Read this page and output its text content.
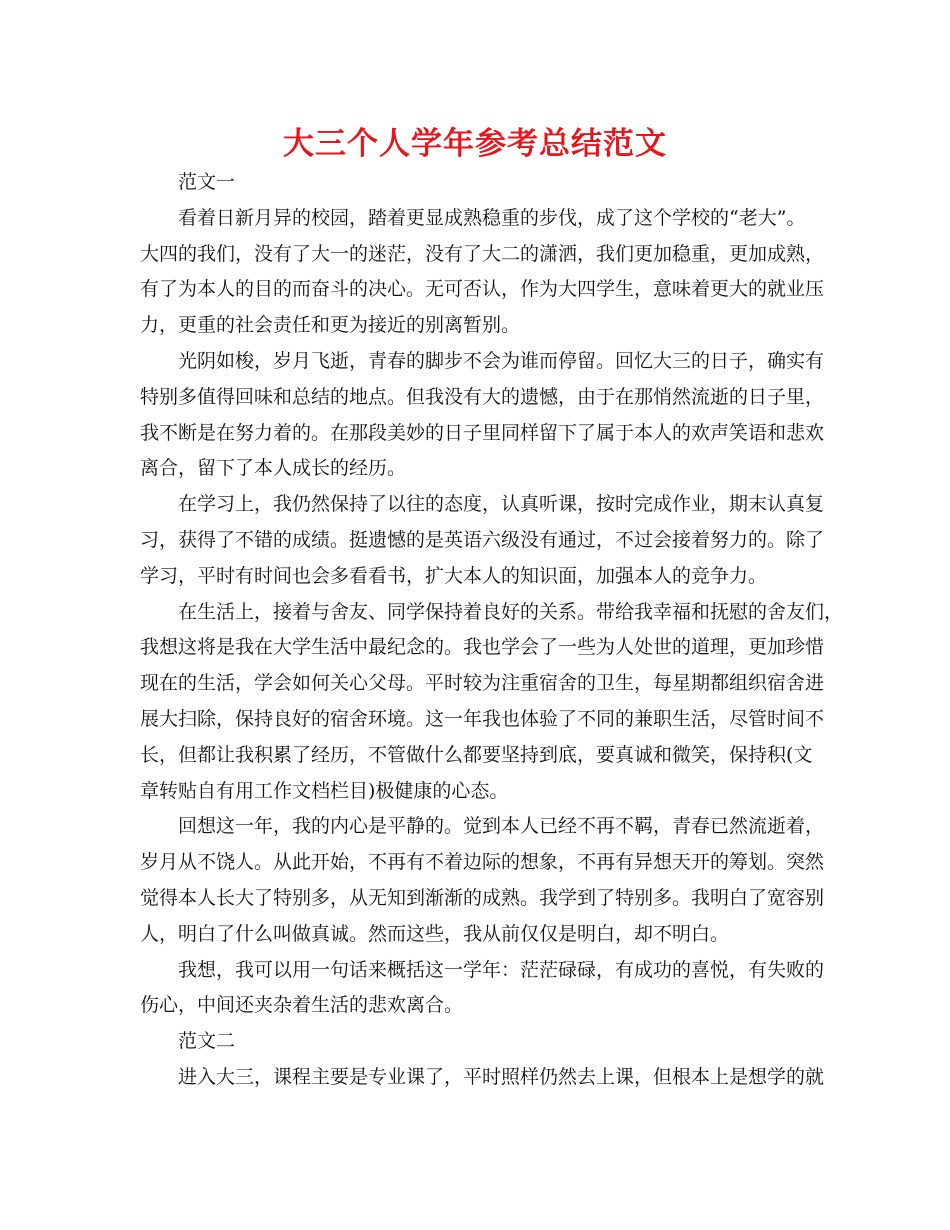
大三个人学年参考总结范文
范文一
看着日新月异的校园，踏着更显成熟稳重的步伐，成了这个学校的“老大”。
大四的我们，没有了大一的迷茫，没有了大二的潇洒，我们更加稳重，更加成熟，
有了为本人的目的而奋斗的决心。无可否认，作为大四学生，意味着更大的就业压
力，更重的社会责任和更为接近的别离暂别。
光阴如梭，岁月飞逝，青春的脚步不会为谁而停留。回忆大三的日子，确实有
特别多值得回味和总结的地点。但我没有大的遗憾，由于在那悄然流逝的日子里，
我不断是在努力着的。在那段美妙的日子里同样留下了属于本人的欢声笑语和悲欢
离合，留下了本人成长的经历。
在学习上，我仍然保持了以往的态度，认真听课，按时完成作业，期末认真复
习，获得了不错的成绩。挺遗憾的是英语六级没有通过，不过会接着努力的。除了
学习，平时有时间也会多看看书，扩大本人的知识面，加强本人的竞争力。
在生活上，接着与舍友、同学保持着良好的关系。带给我幸福和抚慰的舍友们，
我想这将是我在大学生活中最纪念的。我也学会了一些为人处世的道理，更加珍惜
现在的生活，学会如何关心父母。平时较为注重宿舍的卫生，每星期都组织宿舍进
展大扫除，保持良好的宿舍环境。这一年我也体验了不同的兼职生活，尽管时间不
长，但都让我积累了经历，不管做什么都要坚持到底，要真诚和微笑，保持积(文
章转贴自有用工作文档栏目)极健康的心态。
回想这一年，我的内心是平静的。觉到本人已经不再不羁，青春已然流逝着，
岁月从不饶人。从此开始，不再有不着边际的想象，不再有异想天开的筹划。突然
觉得本人长大了特别多，从无知到渐渐的成熟。我学到了特别多。我明白了宽容别
人，明白了什么叫做真诚。然而这些，我从前仅仅是明白，却不明白。
我想，我可以用一句话来概括这一学年：茫茫碌碌，有成功的喜悦，有失败的
伤心，中间还夹杂着生活的悲欢离合。
范文二
进入大三，课程主要是专业课了，平时照样仍然去上课，但根本上是想学的就
